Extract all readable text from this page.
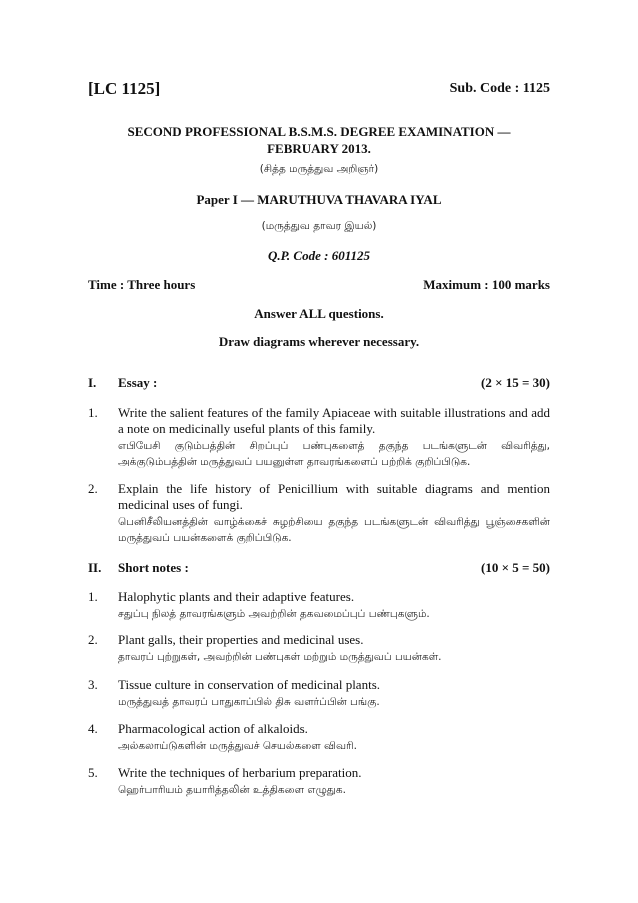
[LC 1125]	Sub. Code : 1125
SECOND PROFESSIONAL B.S.M.S. DEGREE EXAMINATION —
FEBRUARY 2013.
(சித்த மருத்துவ அறிஞர்)
Paper I — MARUTHUVA THAVARA IYAL
(மருத்துவ தாவர இயல்)
Q.P. Code : 601125
Time : Three hours	Maximum : 100 marks
Answer ALL questions.
Draw diagrams wherever necessary.
I. Essay :	(2 × 15 = 30)
1. Write the salient features of the family Apiaceae with suitable illustrations and add a note on medicinally useful plants of this family.
எபியேசி குடும்பத்தின் சிறப்புப் பண்புகளைத் தகுந்த படங்களுடன் விவரித்து, அக்குடும்பத்தின் மருத்துவப் பயனுள்ள தாவரங்களைப் பற்றிக் குறிப்பிடுக.
2. Explain the life history of Penicillium with suitable diagrams and mention medicinal uses of fungi.
பெனிசீலியனத்தின் வாழ்க்கைச் சுழற்சியை தகுந்த படங்களுடன் விவரித்து பூஞ்சைகளின் மருத்துவப் பயன்களைக் குறிப்பிடுக.
II. Short notes :	(10 × 5 = 50)
1. Halophytic plants and their adaptive features.
சதுப்பு நிலத் தாவரங்களும் அவற்றின் தகவமைப்புப் பண்புகளும்.
2. Plant galls, their properties and medicinal uses.
தாவரப் புற்றுகள், அவற்றின் பண்புகள் மற்றும் மருத்துவப் பயன்கள்.
3. Tissue culture in conservation of medicinal plants.
மருத்துவத் தாவரப் பாதுகாப்பில் திசு வளர்ப்பின் பங்கு.
4. Pharmacological action of alkaloids.
அல்கலாய்டுகளின் மருத்துவச் செயல்களை விவரி.
5. Write the techniques of herbarium preparation.
ஹெர்பாரியம் தயாரித்தலின் உத்திகளை எழுதுக.
